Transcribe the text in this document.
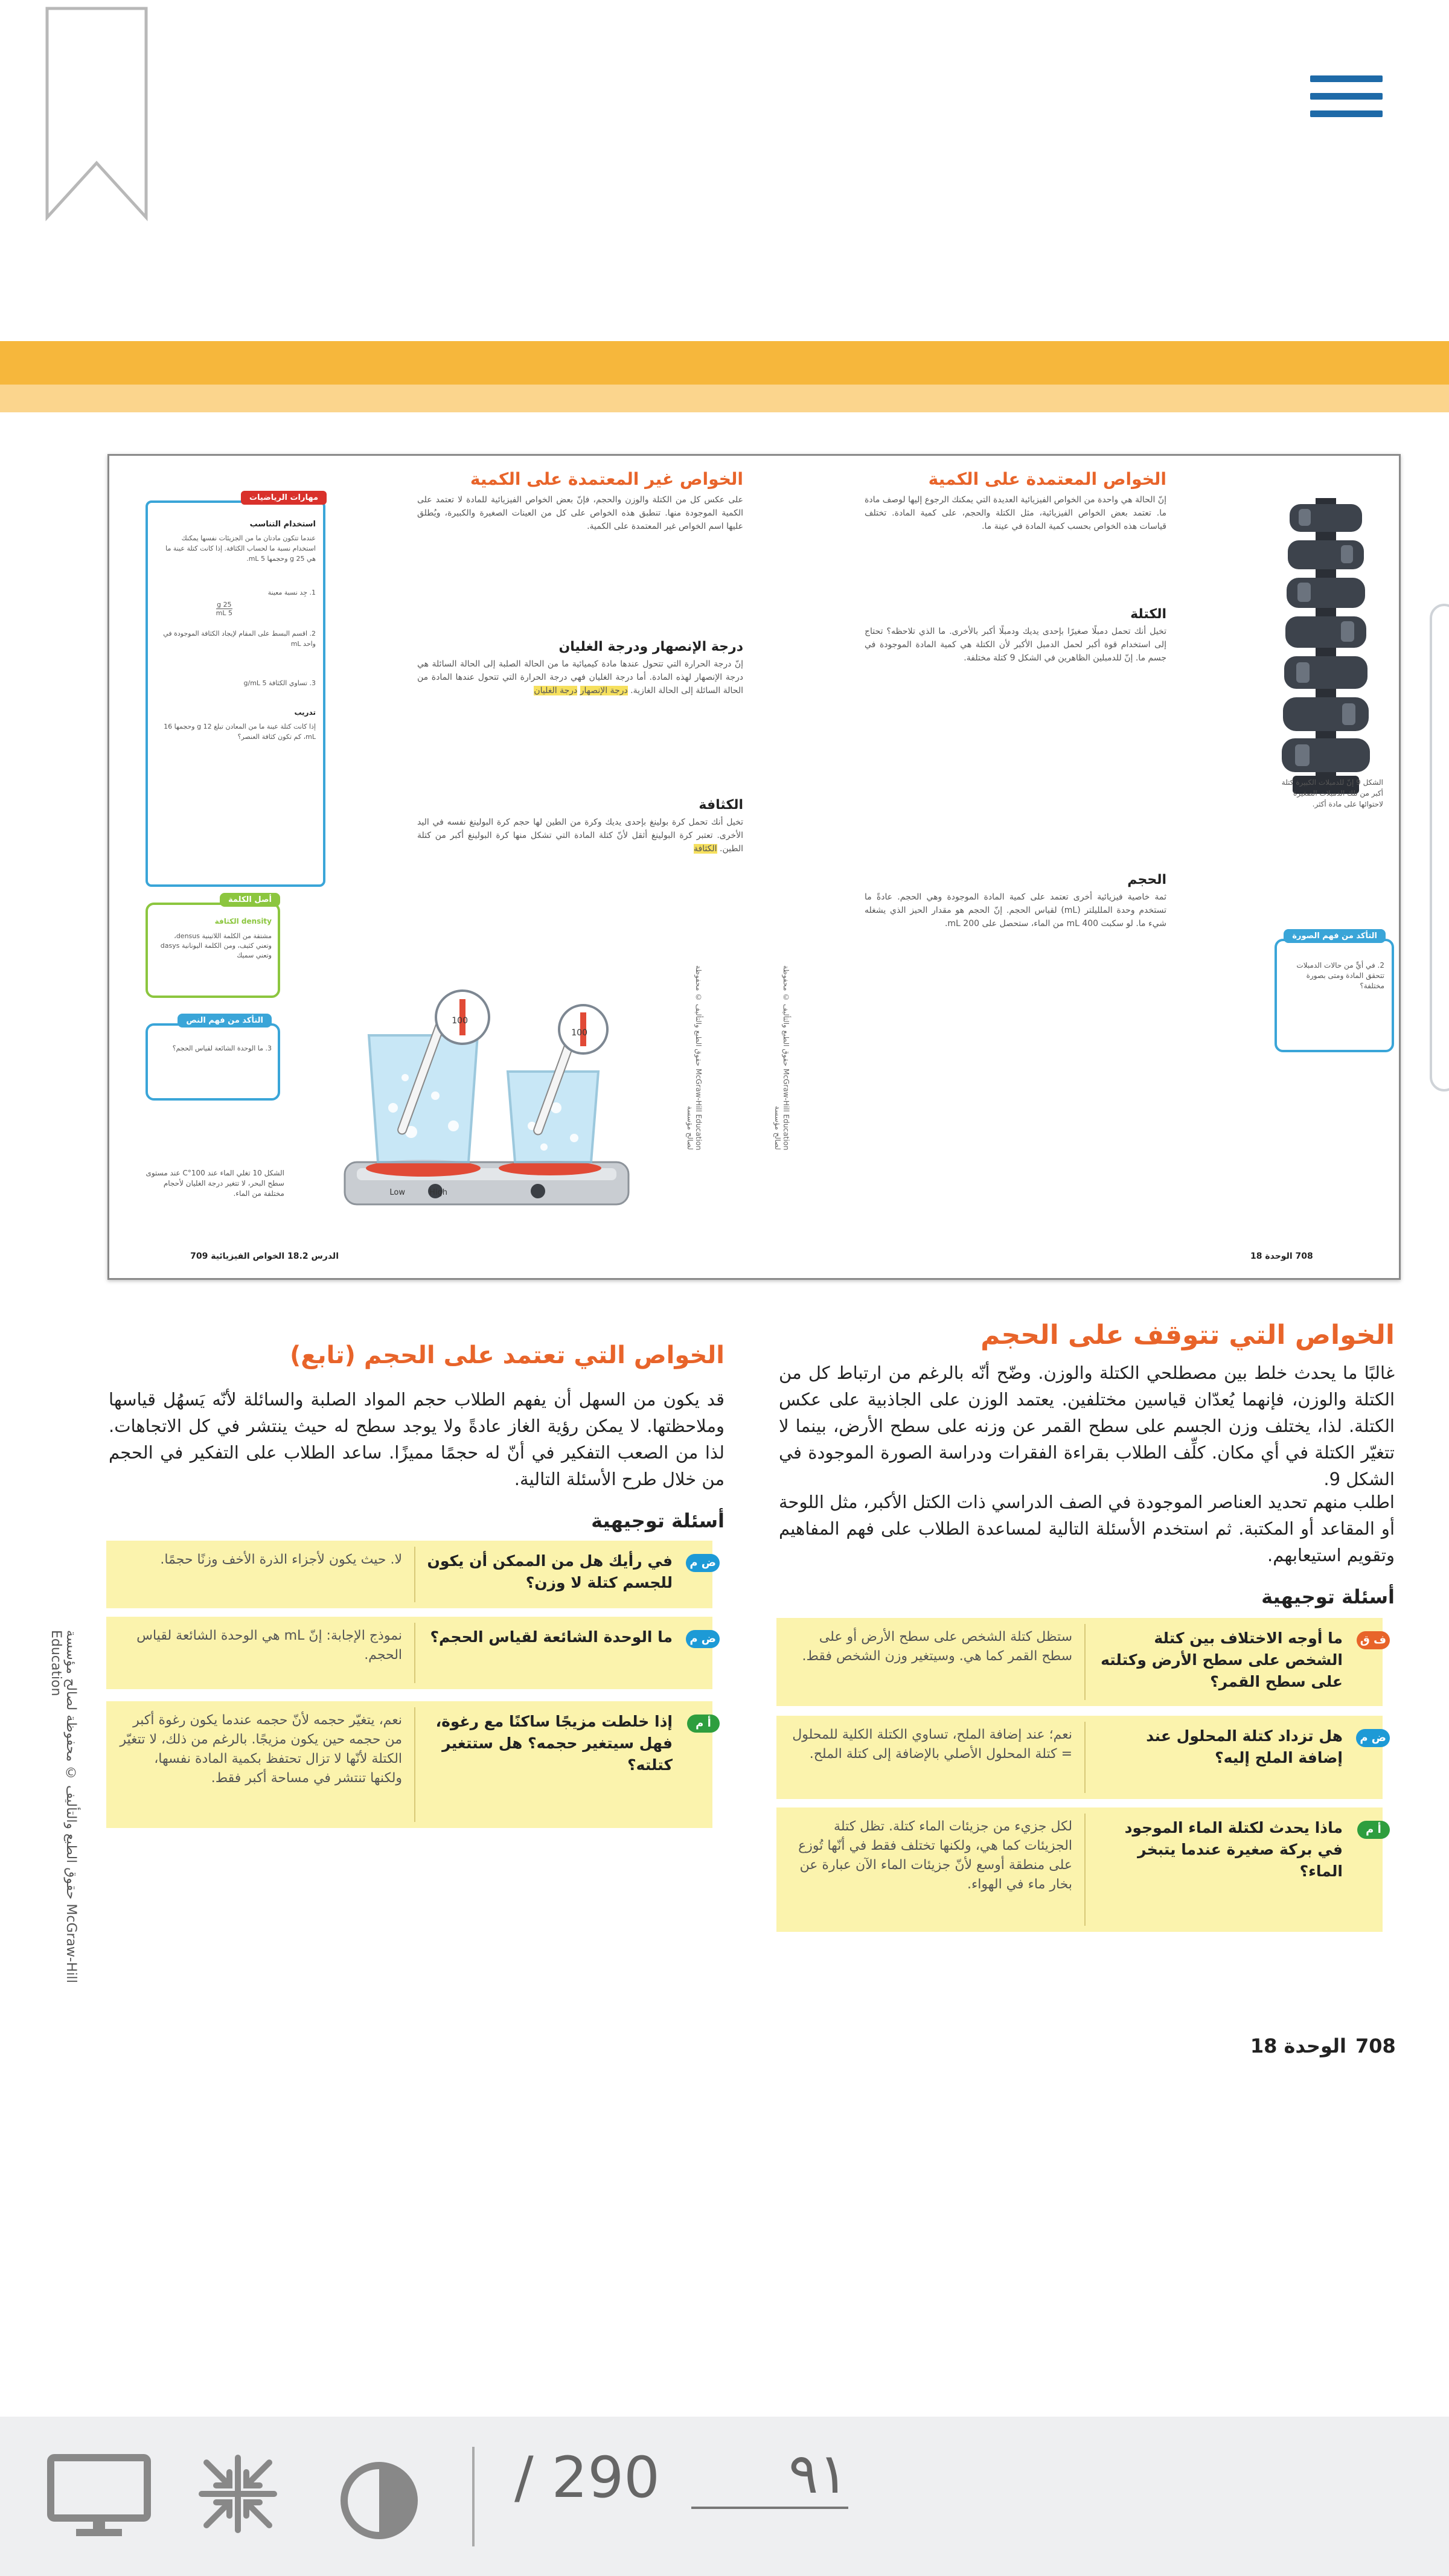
الشكل 9 إنّ للدمبلات الكبيرة كتلة أكبر من تلك الدمبلات الصغيرة لاحتوائها على مادة أكثر.
الخواص المعتمدة على الكمية
إنّ الحالة هي واحدة من الخواص الفيزيائية العديدة التي يمكنك الرجوع إليها لوصف مادة ما. تعتمد بعض الخواص الفيزيائية، مثل الكتلة والحجم، على كمية المادة. تختلف قياسات هذه الخواص بحسب كمية المادة في عينة ما.
الكتلة
تخيل أنك تحمل دمبلًا صغيرًا بإحدى يديك ودمبلًا أكبر بالأخرى. ما الذي تلاحظه؟ تحتاج إلى استخدام قوة أكبر لحمل الدمبل الأكبر لأن الكتلة هي كمية المادة الموجودة في جسم ما. إنّ للدمبلين الظاهرين في الشكل 9 كتلة مختلفة.
الحجم
ثمة خاصية فيزيائية أخرى تعتمد على كمية المادة الموجودة وهي الحجم. عادةً ما تستخدم وحدة الملليلتر (mL) لقياس الحجم. إنّ الحجم هو مقدار الحيز الذي يشغله شيء ما. لو سكبت 400 mL من الماء، ستحصل على 200 mL.
التأكد من فهم الصورة
2. في أيٍّ من حالات الدمبلات تتحقق المادة ومتى بصورة مختلفة؟
McGraw-Hill Education حقوق الطبع والتأليف © محفوظة لصالح مؤسسة
708 الوحدة 18
مهارات الرياضيات
استخدام التناسب
عندما تتكون مادتان ما من الجزيئات نفسها يمكنك استخدام نسبة ما لحساب الكثافة. إذا كانت كتلة عينة ما هي 25 g وحجمها 5 mL.
1. جِد نسبة معينة
$\frac{25 g}{5 mL}$
2. اقسم البسط على المقام لإيجاد الكثافة الموجودة في واحد mL
3. تساوي الكثافة 5 g/mL
تدريب
إذا كانت كتلة عينة ما من المعادن تبلغ 12 g وحجمها 16 mL، كم تكون كثافة العنصر؟
أصل الكلمة
density الكثافة
مشتقة من الكلمة اللاتينية densus، وتعني كثيف، ومن الكلمة اليونانية dasys وتعني سميك
التأكد من فهم النص
3. ما الوحدة الشائعة لقياس الحجم؟
الشكل 10 تغلي الماء عند 100°C عند مستوى سطح البحر، لا تتغير درجة الغليان لأحجام مختلفة من الماء.
الخواص غير المعتمدة على الكمية
على عكس كل من الكتلة والوزن والحجم، فإنّ بعض الخواص الفيزيائية للمادة لا تعتمد على الكمية الموجودة منها. تنطبق هذه الخواص على كل من العينات الصغيرة والكبيرة، ويُطلق عليها اسم الخواص غير المعتمدة على الكمية.
درجة الإنصهار ودرجة الغليان
إنّ درجة الحرارة التي تتحول عندها مادة كيميائية ما من الحالة الصلبة إلى الحالة السائلة هي درجة الإنصهار لهذه المادة. أما درجة الغليان فهي درجة الحرارة التي تتحول عندها المادة من الحالة السائلة إلى الحالة الغازية. درجة الإنصهار درجة الغليان
الكثافة
تخيل أنك تحمل كرة بولينغ بإحدى يديك وكرة من الطين لها حجم كرة البولينغ نفسه في اليد الأخرى. تعتبر كرة البولينغ أثقل لأنّ كتلة المادة التي تشكل منها كرة البولينغ أكبر من كتلة الطين. الكثافة
Low	High
100
100	McGraw-Hill Education حقوق الطبع والتأليف © محفوظة لصالح مؤسسة
الدرس 18.2 الخواص الفيزيائية 709
الخواص التي تتوقف على الحجم
غالبًا ما يحدث خلط بين مصطلحي الكتلة والوزن. وضّح أنّه بالرغم من ارتباط كل من الكتلة والوزن، فإنهما يُعدّان قياسين مختلفين. يعتمد الوزن على الجاذبية على عكس الكتلة. لذا، يختلف وزن الجسم على سطح القمر عن وزنه على سطح الأرض، بينما لا تتغيّر الكتلة في أي مكان. كلِّف الطلاب بقراءة الفقرات ودراسة الصورة الموجودة في الشكل 9.
اطلب منهم تحديد العناصر الموجودة في الصف الدراسي ذات الكتل الأكبر، مثل اللوحة أو المقاعد أو المكتبة. ثم استخدم الأسئلة التالية لمساعدة الطلاب على فهم المفاهيم وتقويم استيعابهم.
أسئلة توجيهية
ف ق
ما أوجه الاختلاف بين كتلة الشخص على سطح الأرض وكتلته على سطح القمر؟
ستظل كتلة الشخص على سطح الأرض أو على سطح القمر كما هي. وسيتغير وزن الشخص فقط.
ض م
هل تزداد كتلة المحلول عند إضافة الملح إليه؟
نعم؛ عند إضافة الملح، تساوي الكتلة الكلية للمحلول = كتلة المحلول الأصلي بالإضافة إلى كتلة الملح.
أ م
ماذا يحدث لكتلة الماء الموجود في بركة صغيرة عندما يتبخر الماء؟
لكل جزيء من جزيئات الماء كتلة. تظل كتلة الجزيئات كما هي، ولكنها تختلف فقط في أنّها تُوزع على منطقة أوسع لأنّ جزيئات الماء الآن عبارة عن بخار ماء في الهواء.
الخواص التي تعتمد على الحجم (تابع)
قد يكون من السهل أن يفهم الطلاب حجم المواد الصلبة والسائلة لأنّه يَسهُل قياسها وملاحظتها. لا يمكن رؤية الغاز عادةً ولا يوجد سطح له حيث ينتشر في كل الاتجاهات. لذا من الصعب التفكير في أنّ له حجمًا مميزًا. ساعد الطلاب على التفكير في الحجم من خلال طرح الأسئلة التالية.
أسئلة توجيهية
ض م
في رأيك هل من الممكن أن يكون للجسم كتلة لا وزن؟
لا. حيث يكون لأجزاء الذرة الأخف وزنًا حجمًا.
ض م
ما الوحدة الشائعة لقياس الحجم؟
نموذج الإجابة: إنّ mL هي الوحدة الشائعة لقياس الحجم.
أ م
إذا خلطت مزيجًا ساكنًا مع رغوة، فهل سيتغير حجمه؟ هل ستتغير كتلته؟
نعم، يتغيّر حجمه لأنّ حجمه عندما يكون رغوة أكبر من حجمه حين يكون مزيجًا. بالرغم من ذلك، لا تتغيّر الكتلة لأنّها لا تزال تحتفظ بكمية المادة نفسها، ولكنها تنتشر في مساحة أكبر فقط.
حقوق الطبع والتأليف © محفوظة لصالح مؤسسة McGraw-Hill Education
708
الوحدة 18
/ 290
٩١
